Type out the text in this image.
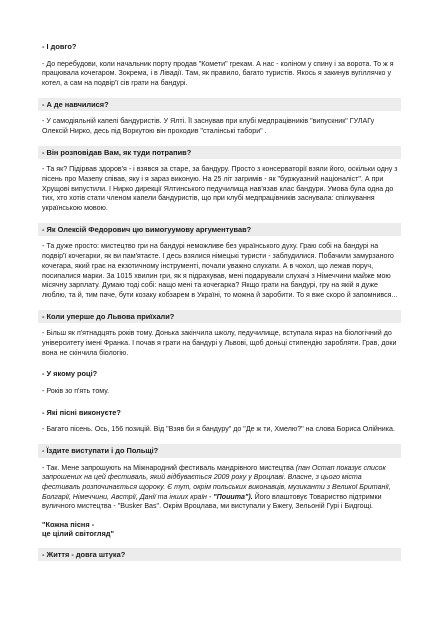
- І довго?

- До перебудови, коли начальник порту продав "Комети" грекам. А нас - коліном у спину і за ворота. То ж я працювала кочегаром. Зокрема, і в Лівадії. Там, як правило, багато туристів. Якось я закинув вугіллячко у котел, а сам на подвір'ї сів грати на бандурі.

- А де навчилися?

- У самодіяльній капелі бандуристів. У Ялті. Її заснував при клубі медпрацівників "випускник" ГУЛАГу Олексій Нирко, десь під Воркутою він проходив "сталінські табори" .

- Він розповідав Вам, як туди потрапив?

- Та як? Підірвав здоров'я - і взявся за старе, за бандуру. Просто з консерваторії взяли його, оскільки одну з пісень про Мазепу співав, яку і я зараз виконую. На 25 літ загримів - як "буржуазний націоналіст". А при Хрущові випустили. І Нирко дирекції Ялтинського педучилища нав'язав клас бандури. Умова була одна до тих, хто хотів стати членом капели бандуристів, що при клубі медпрацівників заснувала: спілкування українською мовою.

- Як Олексій Федорович цю вимогуумову аргументував?

- Та дуже просто: мистецтво гри на бандурі неможливе без українського духу. Граю собі на бандурі на подвір'ї кочегарки, як ви пам'ятаєте. І десь взялися німецькі туристи - заблудилися. Побачили замурзаного кочегара, який грає на екзотичному інструменті, почали уважно слухати. А в чохол, що лежав поруч, посипалися марки. За 1015 хвилин гри, як я підрахував, мені подарували слухачі з Німеччини майже мою місячну зарплату. Думаю тоді собі: нащо мені та кочегарка? Якщо грати на бандурі, гру на якій я дуже люблю, та й, тим паче, бути козаку кобзарем в Україні, то можна й заробити. То я вже скоро й запомнився...

- Коли уперше до Львова приїхали?

- Більш як п'ятнадцять років тому. Донька закінчила школу, педучилище, вступала якраз на біологічний до університету імені Франка. І почав я грати на бандурі у Львові, щоб доньці стипендію заробляти. Грав, доки вона не скінчила біологію.

- У якому році?

- Років зо п'ять тому.

- Які пісні виконуєте?

- Багато пісень. Ось, 156 позицій. Від "Взяв би я бандуру" до "Де ж ти, Хмелю?" на слова Бориса Олійника.

- Їздите виступати і до Польщі?

- Так. Мене запрошують на Міжнародний фестиваль мандрівного мистецтва (пан Остап показує список запрошених на цей фестиваль, який відбувається 2009 року у Вроцлаві. Власне, з цього міста фестиваль розпочинається щороку. Є тут, окрім польських виконавців, музиканти з Великої Британії, Болгарії, Німеччини, Австрії, Данії та інших країн - "Поиита"). Його влаштовує Товариство підтримки вуличного мистецтва - "Busker Bas". Окрім Вроцлава, ми виступали у Бжегу, Зельоній Гурі і Бидгощі.

"Кожна пісня -
це цілий світогляд"
- Життя - довга штука?
